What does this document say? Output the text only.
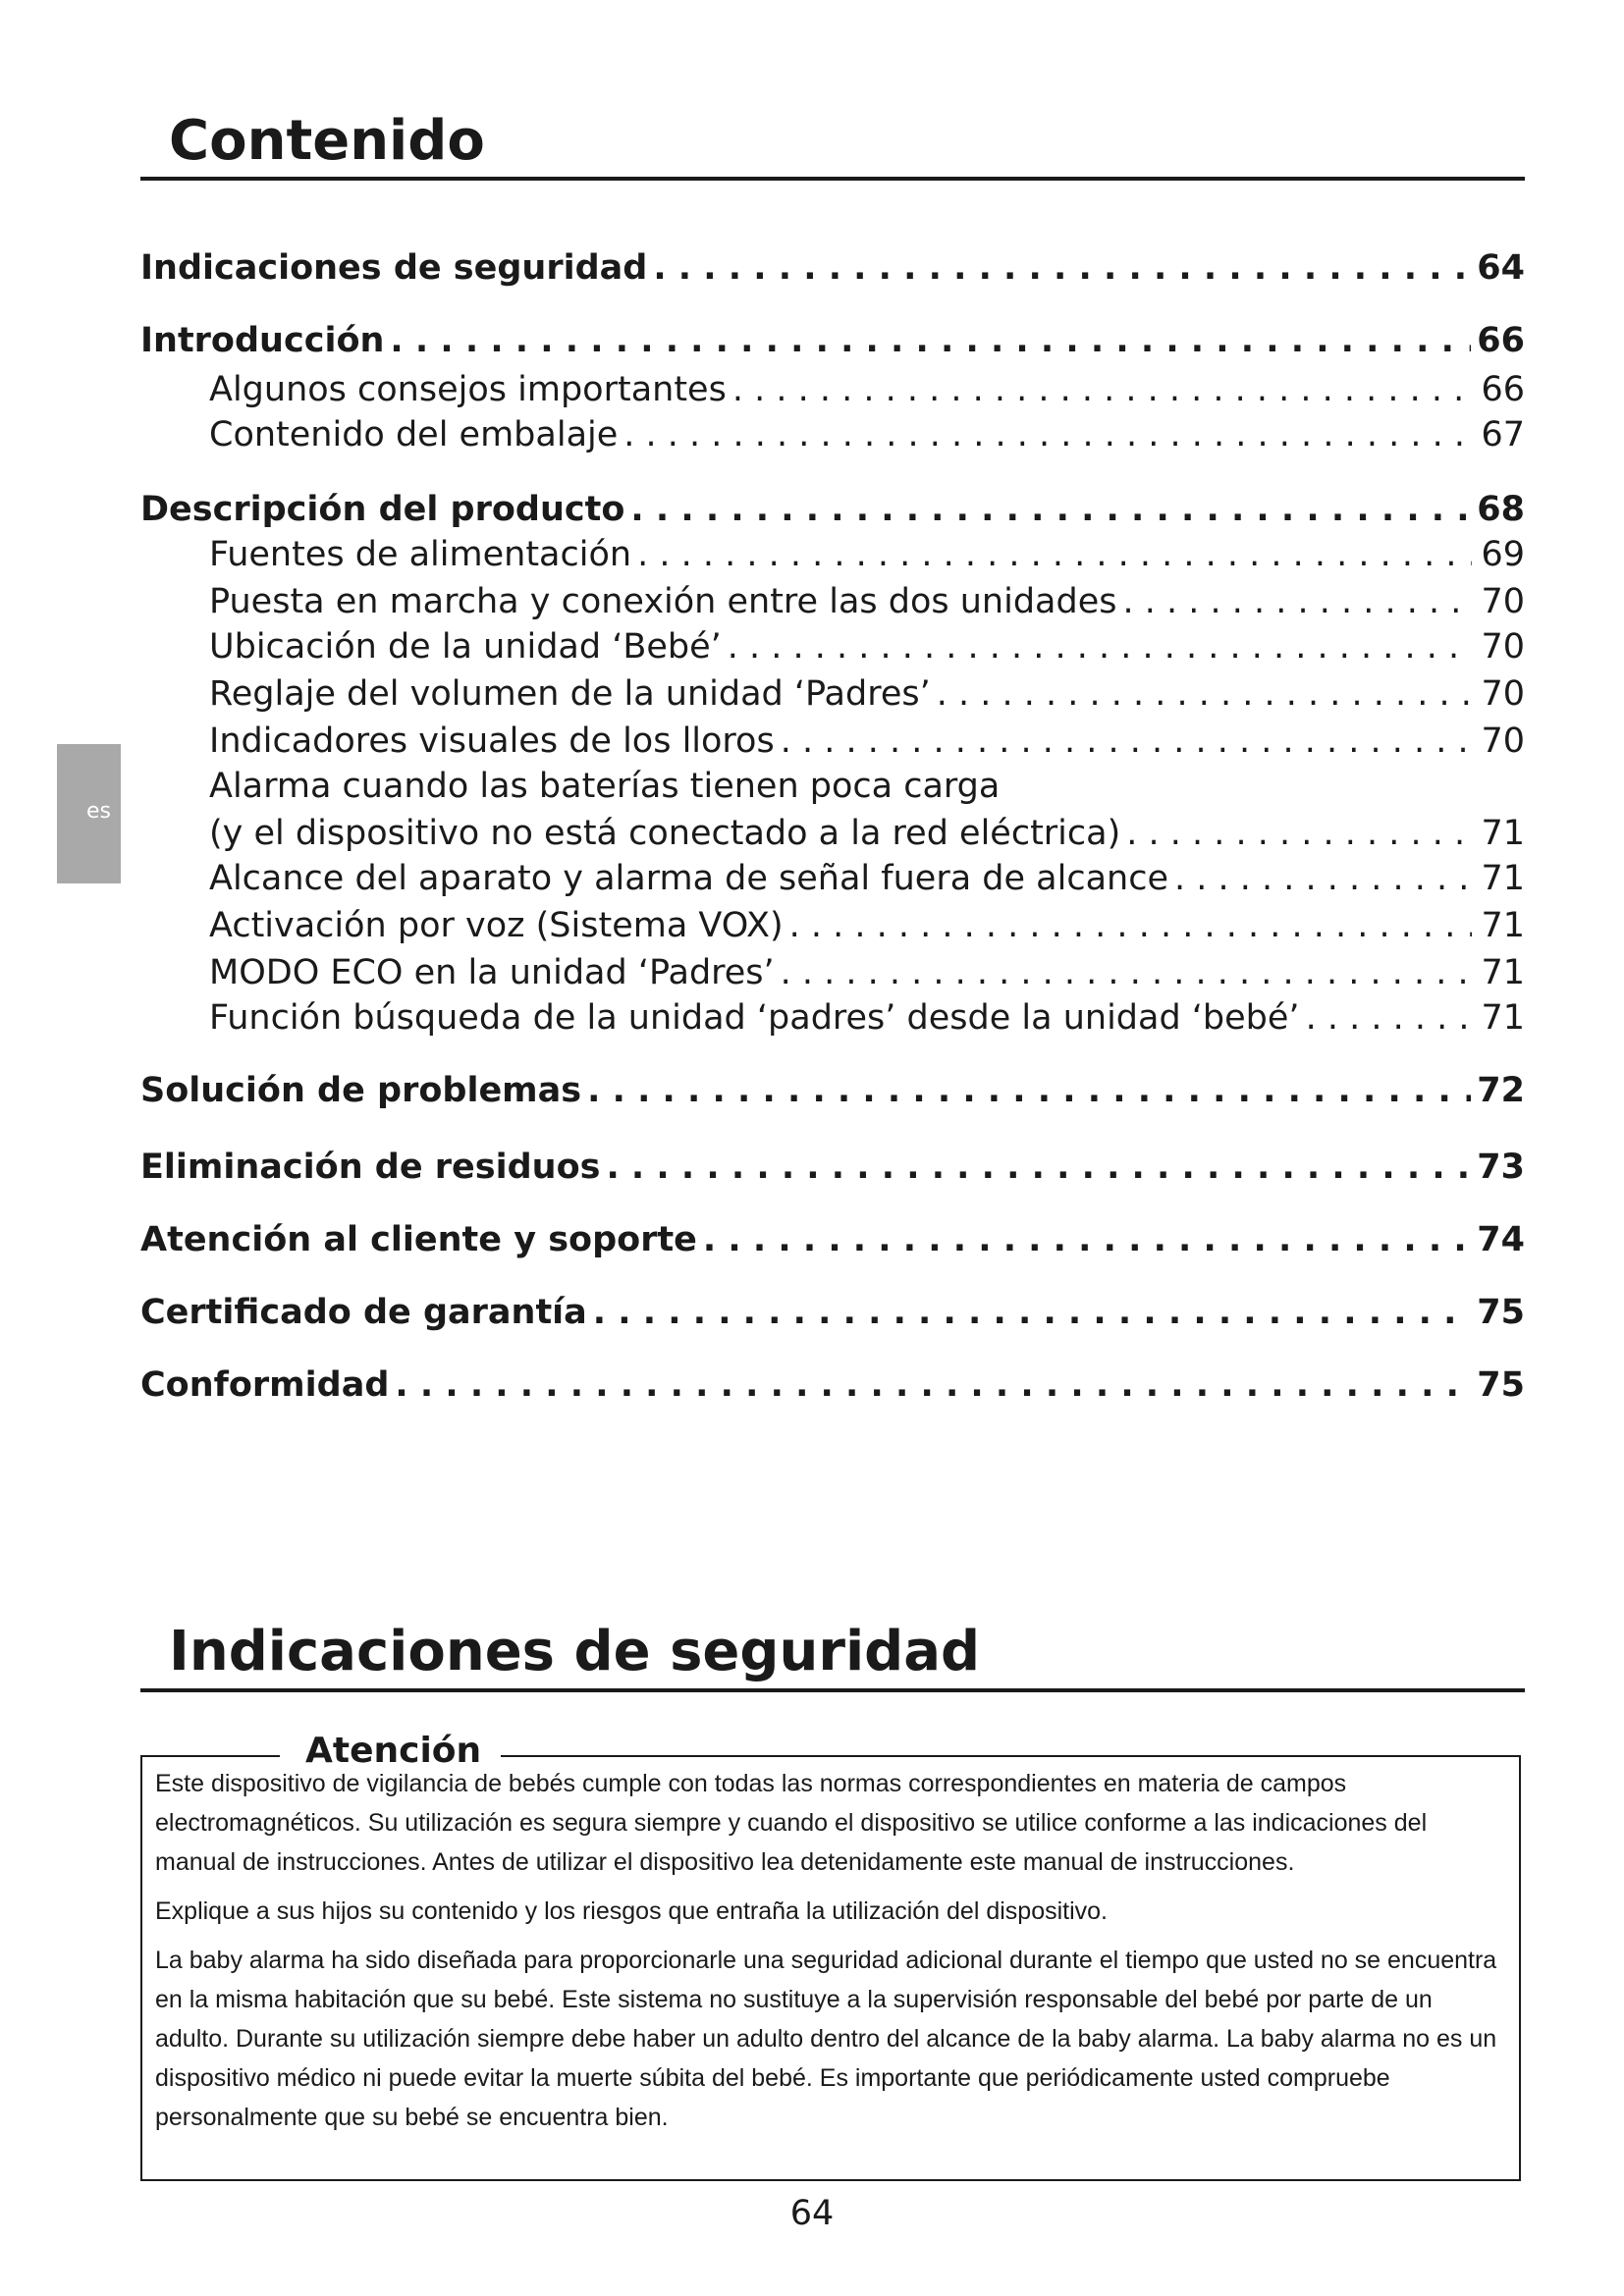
Contenido
Indicaciones de seguridad . . .	64
Introducción . . .	66
Algunos consejos importantes . . .	66
Contenido del embalaje . . .	67
Descripción del producto . . .	68
Fuentes de alimentación . . .	69
Puesta en marcha y conexión entre las dos unidades . . .	70
Ubicación de la unidad ‘Bebé’ . . .	70
Reglaje del volumen de la unidad ‘Padres’ . . .	70
Indicadores visuales de los lloros . . .	70
Alarma cuando las baterías tienen poca carga
(y el dispositivo no está conectado a la red eléctrica) . . .	71
Alcance del aparato y alarma de señal fuera de alcance . . .	71
Activación por voz (Sistema VOX) . . .	71
MODO ECO en la unidad ‘Padres’ . . .	71
Función búsqueda de la unidad ‘padres’ desde la unidad ‘bebé’ . . .	71
Solución de problemas . . .	72
Eliminación de residuos . . .	73
Atención al cliente y soporte . . .	74
Certificado de garantía . . .	75
Conformidad . . .	75
es
Indicaciones de seguridad
Atención

Este dispositivo de vigilancia de bebés cumple con todas las normas correspondientes en materia de campos electromagnéticos. Su utilización es segura siempre y cuando el dispositivo se utilice conforme a las indicaciones del manual de instrucciones. Antes de utilizar el dispositivo lea detenidamente este manual de instrucciones.

Explique a sus hijos su contenido y los riesgos que entraña la utilización del dispositivo.

La baby alarma ha sido diseñada para proporcionarle una seguridad adicional durante el tiempo que usted no se encuentra en la misma habitación que su bebé. Este sistema no sustituye a la supervisión responsable del bebé por parte de un adulto. Durante su utilización siempre debe haber un adulto dentro del alcance de la baby alarma. La baby alarma no es un dispositivo médico ni puede evitar la muerte súbita del bebé. Es importante que periódicamente usted compruebe personalmente que su bebé se encuentra bien.

64
